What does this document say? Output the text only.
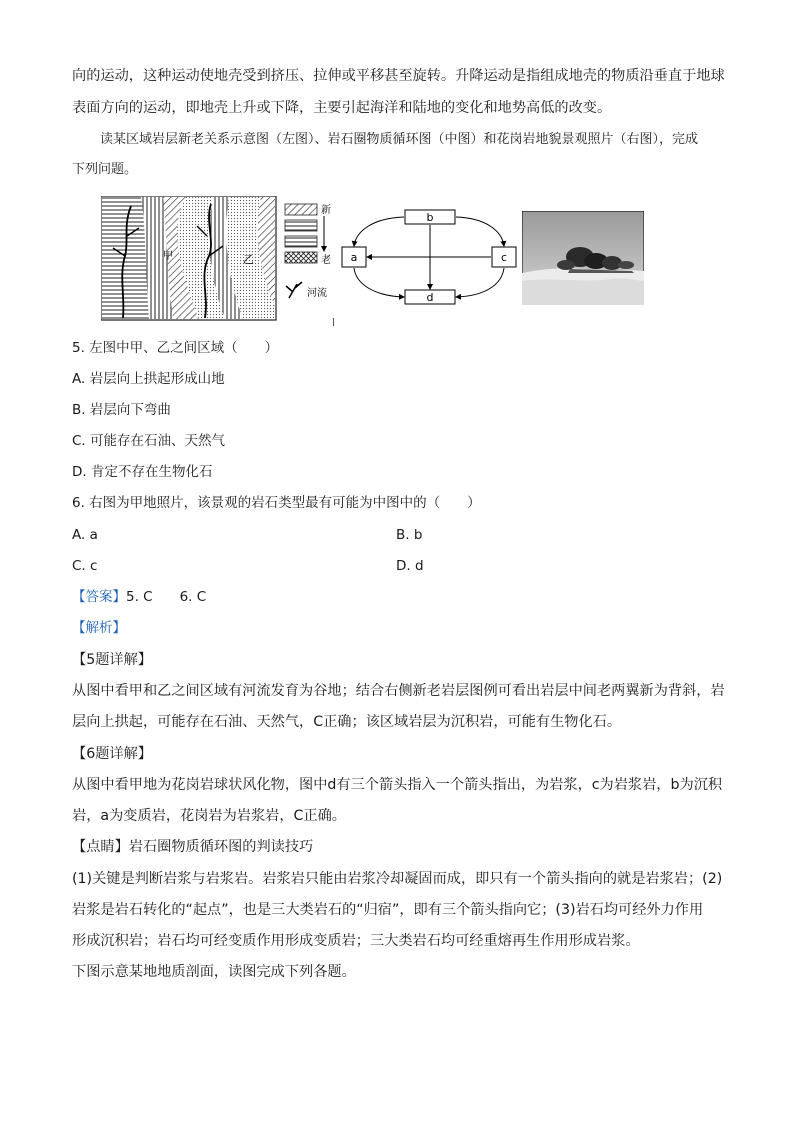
向的运动，这种运动使地壳受到挤压、拉伸或平移甚至旋转。升降运动是指组成地壳的物质沿垂直于地球
表面方向的运动，即地壳上升或下降，主要引起海洋和陆地的变化和地势高低的改变。
读某区域岩层新老关系示意图（左图）、岩石圈物质循环图（中图）和花岗岩地貌景观照片（右图），完成
下列问题。
甲	乙
新
老
河流
b
a	c
d
5. 左图中甲、乙之间区域（　　）
A. 岩层向上拱起形成山地
B. 岩层向下弯曲
C. 可能存在石油、天然气
D. 肯定不存在生物化石
6. 右图为甲地照片，该景观的岩石类型最有可能为中图中的（　　）
A. a	B. b
C. c	D. d
【答案】5. C　　6. C
【解析】
【5题详解】
从图中看甲和乙之间区域有河流发育为谷地；结合右侧新老岩层图例可看出岩层中间老两翼新为背斜，岩
层向上拱起，可能存在石油、天然气，C正确；该区域岩层为沉积岩，可能有生物化石。
【6题详解】
从图中看甲地为花岗岩球状风化物，图中d有三个箭头指入一个箭头指出，为岩浆，c为岩浆岩，b为沉积
岩，a为变质岩，花岗岩为岩浆岩，C正确。
【点睛】岩石圈物质循环图的判读技巧
(1)关键是判断岩浆与岩浆岩。岩浆岩只能由岩浆冷却凝固而成，即只有一个箭头指向的就是岩浆岩；(2)
岩浆是岩石转化的“起点”，也是三大类岩石的“归宿”，即有三个箭头指向它；(3)岩石均可经外力作用
形成沉积岩；岩石均可经变质作用形成变质岩；三大类岩石均可经重熔再生作用形成岩浆。
下图示意某地地质剖面，读图完成下列各题。
